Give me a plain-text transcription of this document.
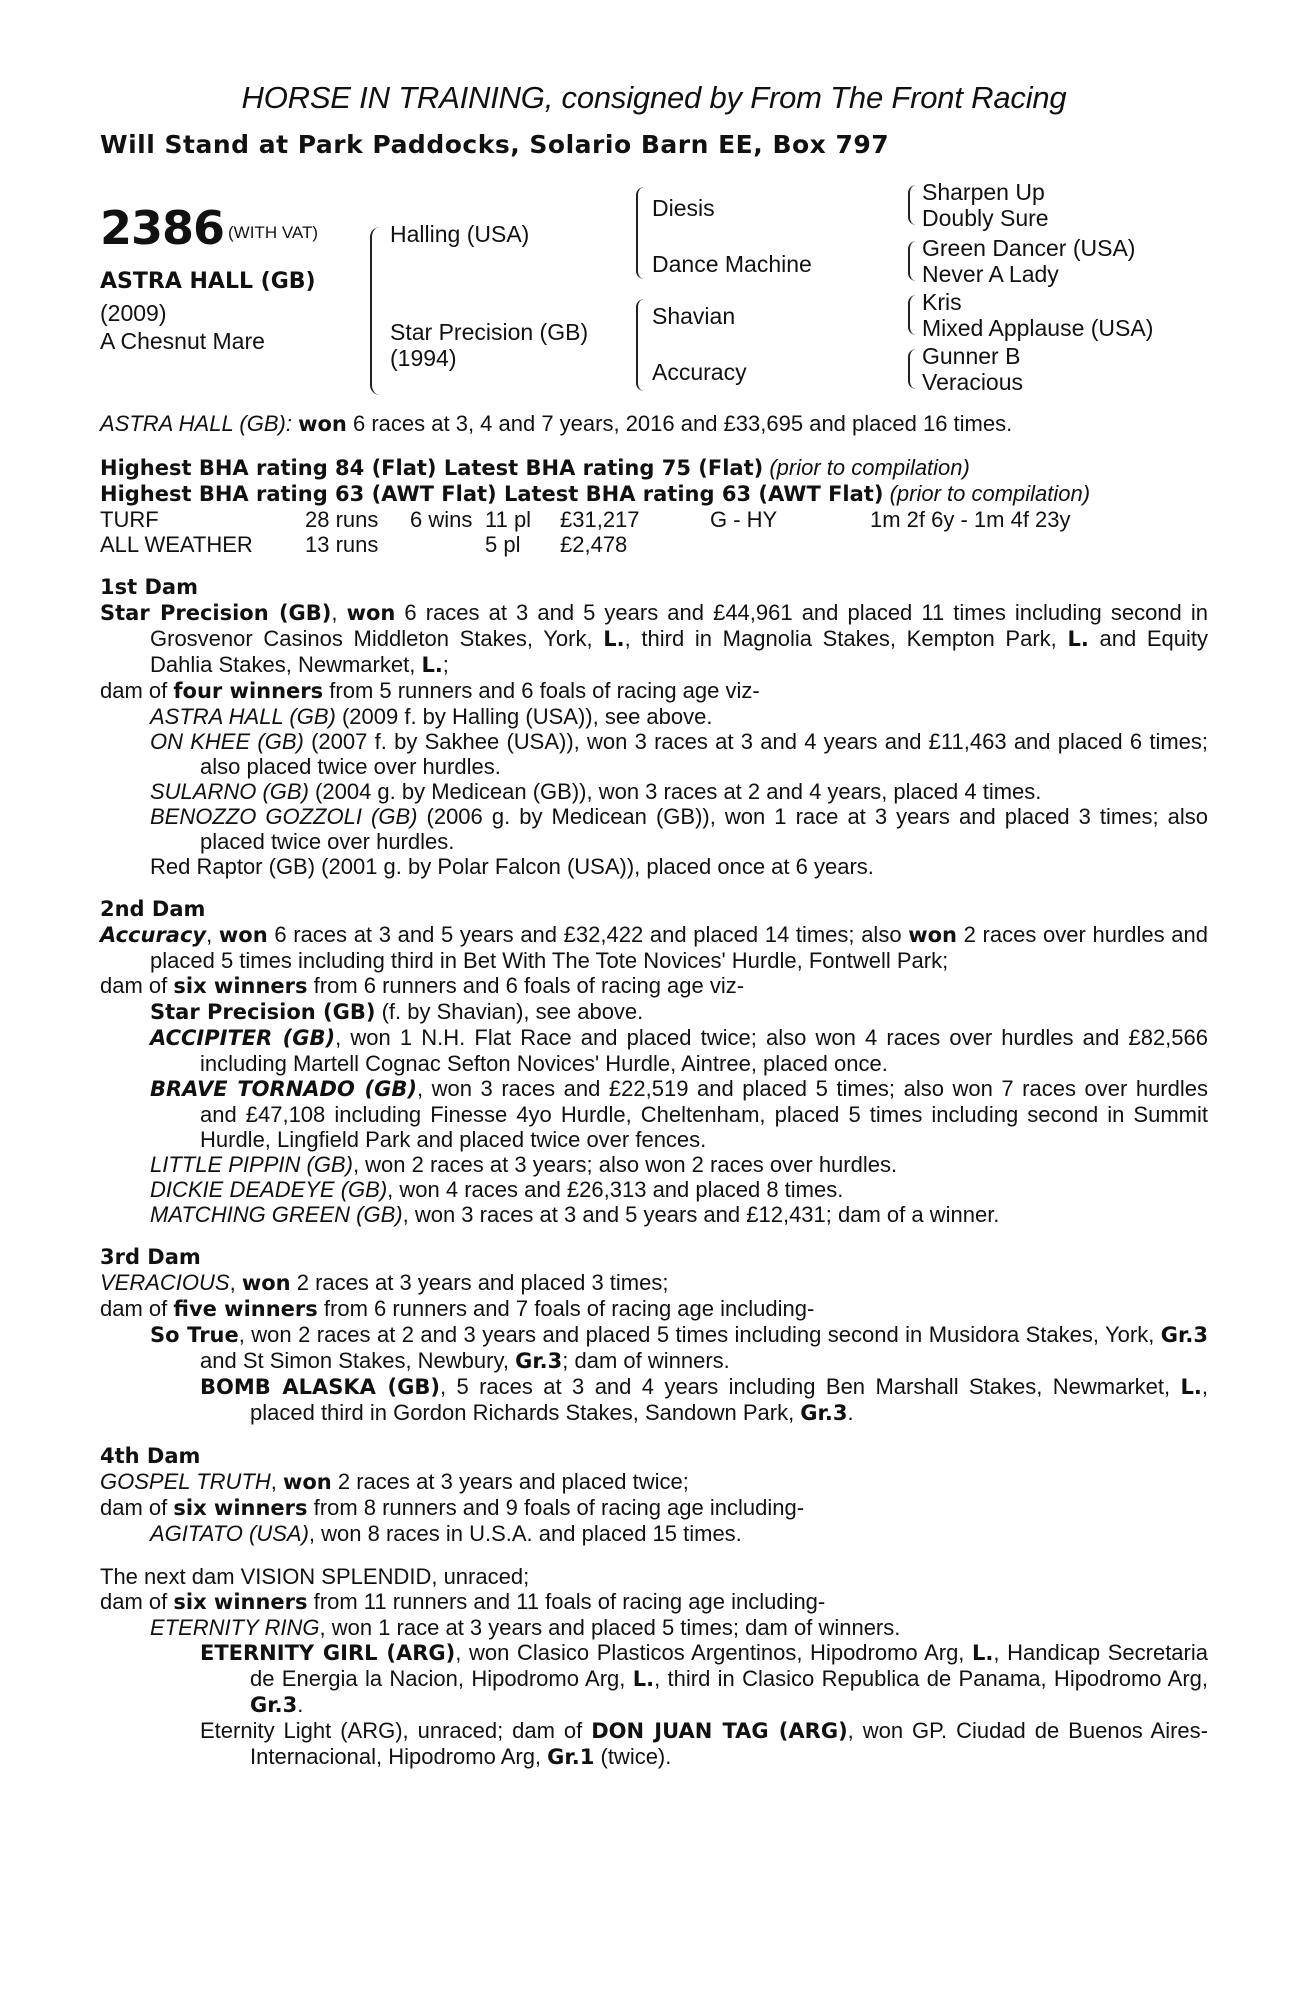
HORSE IN TRAINING, consigned by From The Front Racing
Will Stand at Park Paddocks, Solario Barn EE, Box 797
2386 (WITH VAT)
ASTRA HALL (GB)
(2009)
A Chesnut Mare
Halling (USA)
Star Precision (GB)
(1994)
Diesis
Dance Machine
Shavian
Accuracy
Sharpen Up
Doubly Sure
Green Dancer (USA)
Never A Lady
Kris
Mixed Applause (USA)
Gunner B
Veracious

ASTRA HALL (GB): won 6 races at 3, 4 and 7 years, 2016 and £33,695 and placed 16 times.

Highest BHA rating 84 (Flat) Latest BHA rating 75 (Flat) (prior to compilation)

Highest BHA rating 63 (AWT Flat) Latest BHA rating 63 (AWT Flat) (prior to compilation)

TURF	28 runs	6 wins 11 pl	£31,217	G - HY	1m 2f 6y - 1m 4f 23y
ALL WEATHER	13 runs	5 pl	£2,478

1st Dam

Star Precision (GB), won 6 races at 3 and 5 years and £44,961 and placed 11 times including second in Grosvenor Casinos Middleton Stakes, York, L., third in Magnolia Stakes, Kempton Park, L. and Equity Dahlia Stakes, Newmarket, L.;

dam of four winners from 5 runners and 6 foals of racing age viz-

ASTRA HALL (GB) (2009 f. by Halling (USA)), see above.

ON KHEE (GB) (2007 f. by Sakhee (USA)), won 3 races at 3 and 4 years and £11,463 and placed 6 times; also placed twice over hurdles.

SULARNO (GB) (2004 g. by Medicean (GB)), won 3 races at 2 and 4 years, placed 4 times.

BENOZZO GOZZOLI (GB) (2006 g. by Medicean (GB)), won 1 race at 3 years and placed 3 times; also placed twice over hurdles.

Red Raptor (GB) (2001 g. by Polar Falcon (USA)), placed once at 6 years.

2nd Dam

Accuracy, won 6 races at 3 and 5 years and £32,422 and placed 14 times; also won 2 races over hurdles and placed 5 times including third in Bet With The Tote Novices' Hurdle, Fontwell Park;

dam of six winners from 6 runners and 6 foals of racing age viz-

Star Precision (GB) (f. by Shavian), see above.

ACCIPITER (GB), won 1 N.H. Flat Race and placed twice; also won 4 races over hurdles and £82,566 including Martell Cognac Sefton Novices' Hurdle, Aintree, placed once.

BRAVE TORNADO (GB), won 3 races and £22,519 and placed 5 times; also won 7 races over hurdles and £47,108 including Finesse 4yo Hurdle, Cheltenham, placed 5 times including second in Summit Hurdle, Lingfield Park and placed twice over fences.

LITTLE PIPPIN (GB), won 2 races at 3 years; also won 2 races over hurdles.

DICKIE DEADEYE (GB), won 4 races and £26,313 and placed 8 times.

MATCHING GREEN (GB), won 3 races at 3 and 5 years and £12,431; dam of a winner.

3rd Dam

VERACIOUS, won 2 races at 3 years and placed 3 times;

dam of five winners from 6 runners and 7 foals of racing age including-

So True, won 2 races at 2 and 3 years and placed 5 times including second in Musidora Stakes, York, Gr.3 and St Simon Stakes, Newbury, Gr.3; dam of winners.

BOMB ALASKA (GB), 5 races at 3 and 4 years including Ben Marshall Stakes, Newmarket, L., placed third in Gordon Richards Stakes, Sandown Park, Gr.3.

4th Dam

GOSPEL TRUTH, won 2 races at 3 years and placed twice;

dam of six winners from 8 runners and 9 foals of racing age including-

AGITATO (USA), won 8 races in U.S.A. and placed 15 times.

The next dam VISION SPLENDID, unraced;

dam of six winners from 11 runners and 11 foals of racing age including-

ETERNITY RING, won 1 race at 3 years and placed 5 times; dam of winners.

ETERNITY GIRL (ARG), won Clasico Plasticos Argentinos, Hipodromo Arg, L., Handicap Secretaria de Energia la Nacion, Hipodromo Arg, L., third in Clasico Republica de Panama, Hipodromo Arg, Gr.3.

Eternity Light (ARG), unraced; dam of DON JUAN TAG (ARG), won GP. Ciudad de Buenos Aires-Internacional, Hipodromo Arg, Gr.1 (twice).
